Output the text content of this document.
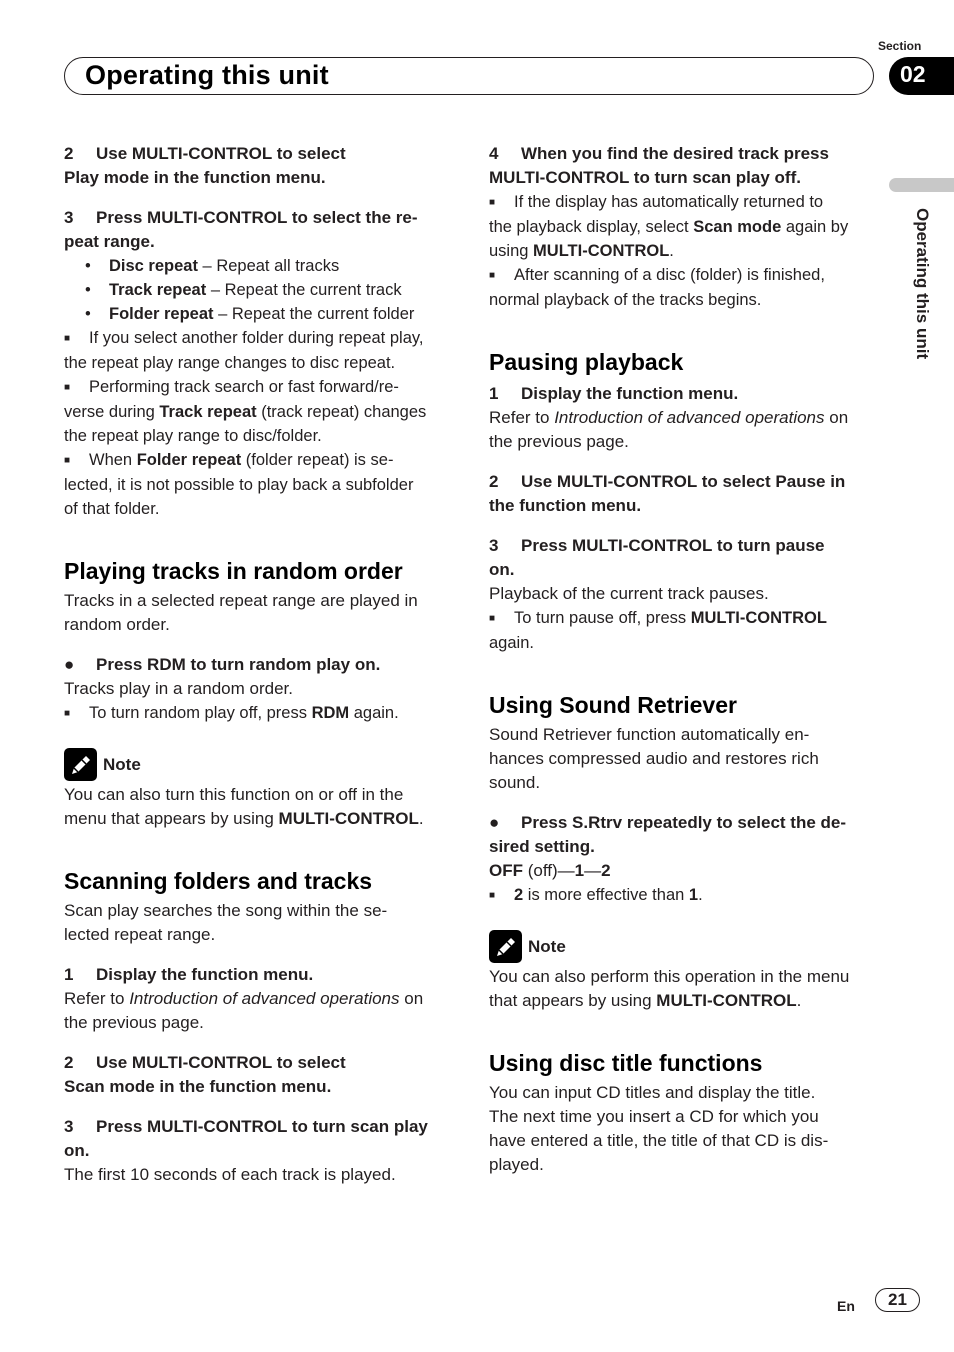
Section
Operating this unit	02
Operating this unit
2 Use MULTI-CONTROL to select
Play mode in the function menu.
3 Press MULTI-CONTROL to select the re-
peat range.
• Disc repeat – Repeat all tracks
• Track repeat – Repeat the current track
• Folder repeat – Repeat the current folder
■ If you select another folder during repeat play,
the repeat play range changes to disc repeat.
■ Performing track search or fast forward/re-
verse during Track repeat (track repeat) changes
the repeat play range to disc/folder.
■ When Folder repeat (folder repeat) is se-
lected, it is not possible to play back a subfolder
of that folder.
Playing tracks in random order
Tracks in a selected repeat range are played in
random order.
● Press RDM to turn random play on.
Tracks play in a random order.
■ To turn random play off, press RDM again.
Note
You can also turn this function on or off in the
menu that appears by using MULTI-CONTROL.
Scanning folders and tracks
Scan play searches the song within the se-
lected repeat range.
1 Display the function menu.
Refer to Introduction of advanced operations on
the previous page.
2 Use MULTI-CONTROL to select
Scan mode in the function menu.
3 Press MULTI-CONTROL to turn scan play
on.
The first 10 seconds of each track is played.
4 When you find the desired track press
MULTI-CONTROL to turn scan play off.
■ If the display has automatically returned to
the playback display, select Scan mode again by
using MULTI-CONTROL.
■ After scanning of a disc (folder) is finished,
normal playback of the tracks begins.
Pausing playback
1 Display the function menu.
Refer to Introduction of advanced operations on
the previous page.
2 Use MULTI-CONTROL to select Pause in
the function menu.
3 Press MULTI-CONTROL to turn pause
on.
Playback of the current track pauses.
■ To turn pause off, press MULTI-CONTROL
again.
Using Sound Retriever
Sound Retriever function automatically en-
hances compressed audio and restores rich
sound.
● Press S.Rtrv repeatedly to select the de-
sired setting.
OFF (off)—1—2
■ 2 is more effective than 1.
Note
You can also perform this operation in the menu
that appears by using MULTI-CONTROL.
Using disc title functions
You can input CD titles and display the title.
The next time you insert a CD for which you
have entered a title, the title of that CD is dis-
played.
En	21
